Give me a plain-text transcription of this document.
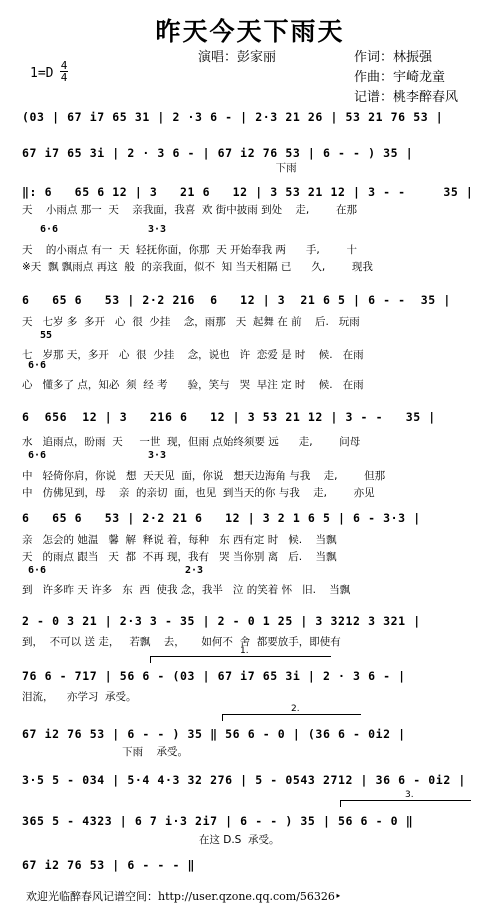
昨天今天下雨天
演唱：彭家丽	作词：林振强
作曲：宇崎龙童
记谱：桃李醉春风
1=D
4
4
(03 | 67 i7 65 31 | 2 ·3 6 - | 2·3 21 26 | 53 21 76 53 |
67 i7 65 3i | 2 · 3 6 - | 67 i2 76 53 | 6 - - ) 35 |
下雨
‖: 6   65 6 12 | 3   21 6   12 | 3 53 21 12 | 3 - -     35 |
天    小雨点 那一  天    亲我面，我喜  欢 街中披雨 到处    走,        在那
天    的小雨点 有一  天  轻抚你面，你那  天 开始奉我 两      手,        十
※天  飘 飘雨点 再这  般  的亲我面，似不  知 当天相隔 已      久,        现我
6   65 6   53 | 2·2 216  6   12 | 3  21 6 5 | 6 - -  35 |
天   七岁 多  多开   心  很  少挂    念，雨那   天  起舞 在 前    后.   玩雨
七   岁那 天，多开   心  很  少挂    念，说也   许  恋爱 是 时    候.   在雨
心   懂多了 点，知必  须  经 考      验，笑与   哭  早注 定 时    候.   在雨
6  656  12 | 3   216 6   12 | 3 53 21 12 | 3 - -   35 |
水   追雨点，盼雨  天     一世  现，但雨 点始终须要 远      走,        问母
中   轻倚你肩，你说   想  天天见  面，你说   想天边海角 与我    走,        但那
中   仿佛见到，母    亲  的亲切  面，也见  到当天的你 与我    走,        亦见
6   65 6   53 | 2·2 21 6   12 | 3 2 1 6 5 | 6 - 3·3 |
亲   怎会的 她温   馨  解  释说 着，每种   东 西有定 时   候.    当飘
天   的雨点 跟当   天  都  不再 现，我有   哭 当你别 离   后.    当飘
到   许多昨 天 许多   东  西  使我 念，我半   泣 的笑着 怀   旧.    当飘
2 - 0 3 21 | 2·3 3 - 35 | 2 - 0 1 25 | 3 3212 3 321 |
到，  不可以 送 走，   若飘    去，     如何不  舍  都要放手，即使有
76 6 - 717 | 56 6 - (03 | 67 i7 65 3i | 2 · 3 6 - |
泪流，    亦学习  承受。
67 i2 76 53 | 6 - - ) 35 ‖ 56 6 - 0 | (36 6 - 0i2 |
下雨    承受。
3·5 5 - 034 | 5·4 4·3 32 276 | 5 - 0543 2712 | 36 6 - 0i2 |
365 5 - 4323 | 6 7 i·3 2i7 | 6 - - ) 35 | 56 6 - 0 ‖
在这 D.S  承受。
67 i2 76 53 | 6 - - - ‖
6·6	3·3
55
6·6
6·6	3·3
6·6	2·3
1.
2.
3.
欢迎光临醉春风记谱空间：http://user.qzone.qq.com/56326‣
